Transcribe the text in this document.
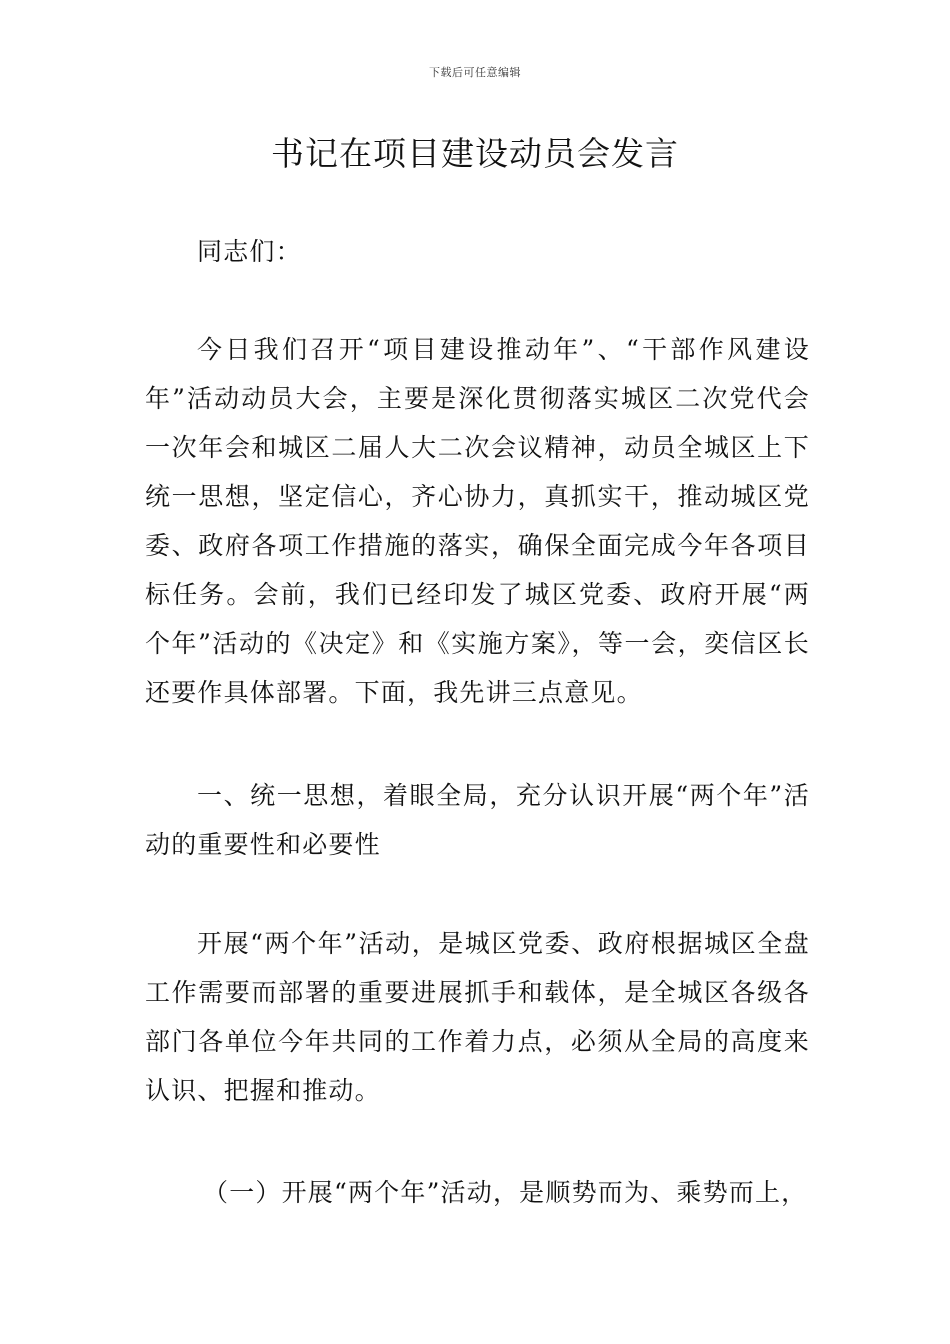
下载后可任意编辑
书记在项目建设动员会发言

同志们：

今日我们召开“项目建设推动年”、“干部作风建设年”活动动员大会，主要是深化贯彻落实城区二次党代会一次年会和城区二届人大二次会议精神，动员全城区上下统一思想，坚定信心，齐心协力，真抓实干，推动城区党委、政府各项工作措施的落实，确保全面完成今年各项目标任务。会前，我们已经印发了城区党委、政府开展“两个年”活动的《决定》和《实施方案》，等一会，奕信区长还要作具体部署。下面，我先讲三点意见。

一、统一思想，着眼全局，充分认识开展“两个年”活动的重要性和必要性

开展“两个年”活动，是城区党委、政府根据城区全盘工作需要而部署的重要进展抓手和载体，是全城区各级各部门各单位今年共同的工作着力点，必须从全局的高度来认识、把握和推动。

（一）开展“两个年”活动，是顺势而为、乘势而上，
